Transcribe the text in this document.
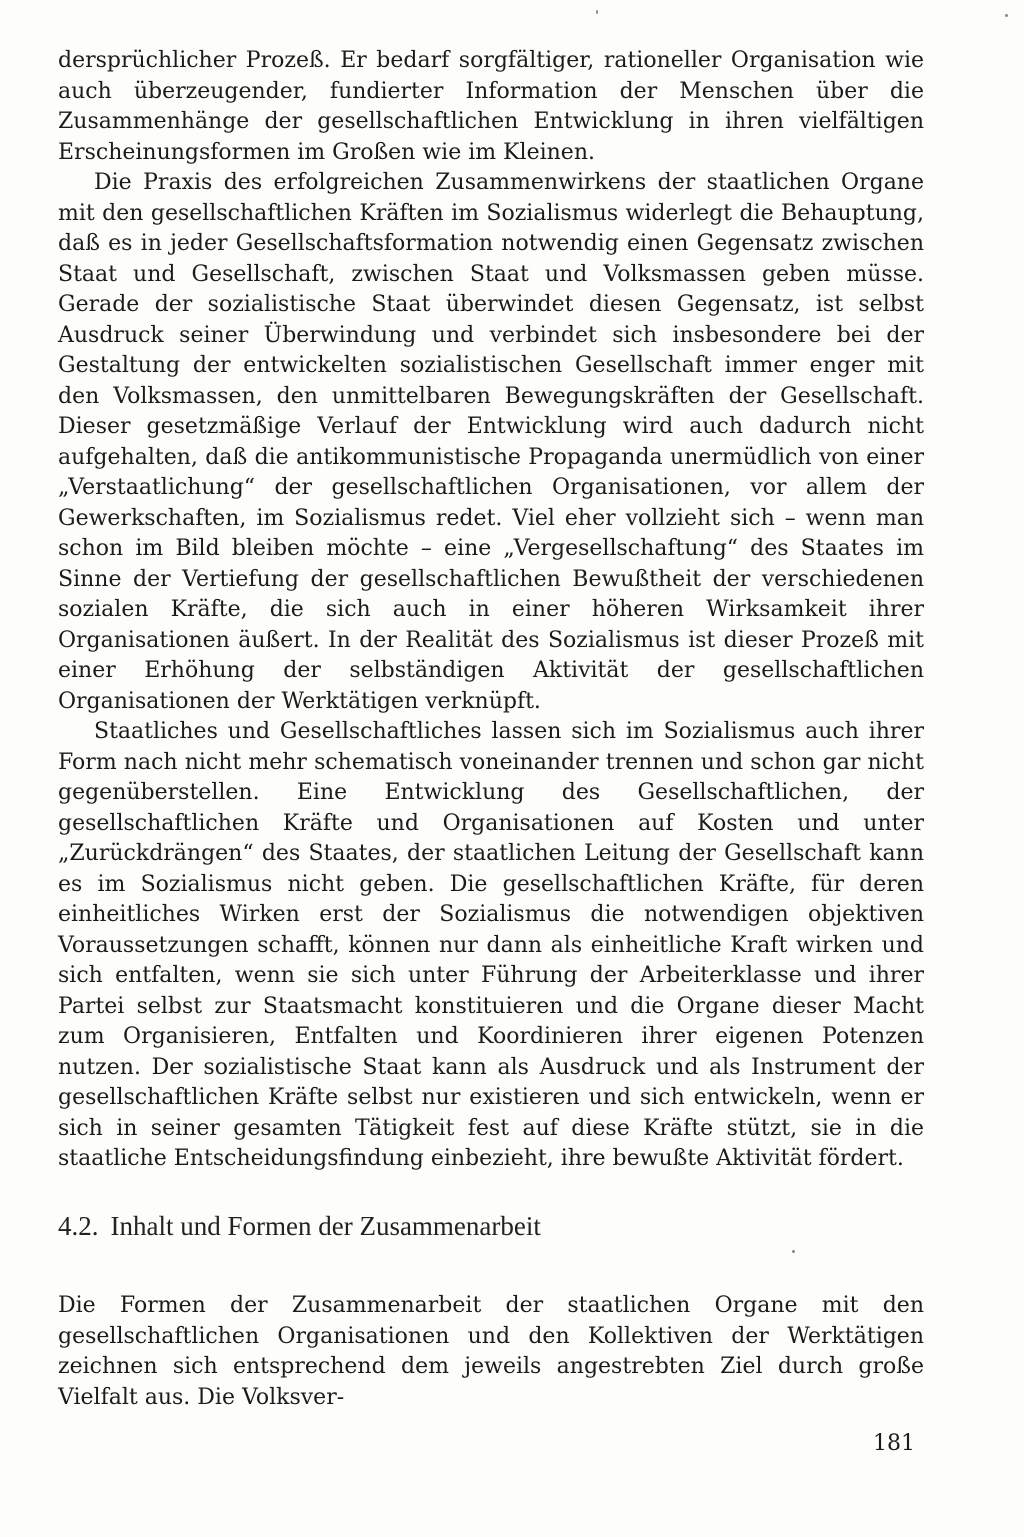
dersprüchlicher Prozeß. Er bedarf sorgfältiger, rationeller Organisation wie auch überzeugender, fundierter Information der Menschen über die Zusammenhänge der gesellschaftlichen Entwicklung in ihren vielfältigen Erscheinungsformen im Großen wie im Kleinen.

Die Praxis des erfolgreichen Zusammenwirkens der staatlichen Organe mit den gesellschaftlichen Kräften im Sozialismus widerlegt die Behauptung, daß es in jeder Gesellschaftsformation notwendig einen Gegensatz zwischen Staat und Gesellschaft, zwischen Staat und Volksmassen geben müsse. Gerade der sozialistische Staat überwindet diesen Gegensatz, ist selbst Ausdruck seiner Überwindung und verbindet sich insbesondere bei der Gestaltung der entwickelten sozialistischen Gesellschaft immer enger mit den Volksmassen, den unmittelbaren Bewegungskräften der Gesellschaft. Dieser gesetzmäßige Verlauf der Entwicklung wird auch dadurch nicht aufgehalten, daß die antikommunistische Propaganda unermüdlich von einer „Verstaatlichung“ der gesellschaftlichen Organisationen, vor allem der Gewerkschaften, im Sozialismus redet. Viel eher vollzieht sich – wenn man schon im Bild bleiben möchte – eine „Vergesellschaftung“ des Staates im Sinne der Vertiefung der gesellschaftlichen Bewußtheit der verschiedenen sozialen Kräfte, die sich auch in einer höheren Wirksamkeit ihrer Organisationen äußert. In der Realität des Sozialismus ist dieser Prozeß mit einer Erhöhung der selbständigen Aktivität der gesellschaftlichen Organisationen der Werktätigen verknüpft.

Staatliches und Gesellschaftliches lassen sich im Sozialismus auch ihrer Form nach nicht mehr schematisch voneinander trennen und schon gar nicht gegenüberstellen. Eine Entwicklung des Gesellschaftlichen, der gesellschaftlichen Kräfte und Organisationen auf Kosten und unter „Zurückdrängen“ des Staates, der staatlichen Leitung der Gesellschaft kann es im Sozialismus nicht geben. Die gesellschaftlichen Kräfte, für deren einheitliches Wirken erst der Sozialismus die notwendigen objektiven Voraussetzungen schafft, können nur dann als einheitliche Kraft wirken und sich entfalten, wenn sie sich unter Führung der Arbeiterklasse und ihrer Partei selbst zur Staatsmacht konstituieren und die Organe dieser Macht zum Organisieren, Entfalten und Koordinieren ihrer eigenen Potenzen nutzen. Der sozialistische Staat kann als Ausdruck und als Instrument der gesellschaftlichen Kräfte selbst nur existieren und sich entwickeln, wenn er sich in seiner gesamten Tätigkeit fest auf diese Kräfte stützt, sie in die staatliche Entscheidungsfindung einbezieht, ihre bewußte Aktivität fördert.

4.2. Inhalt und Formen der Zusammenarbeit

Die Formen der Zusammenarbeit der staatlichen Organe mit den gesellschaftlichen Organisationen und den Kollektiven der Werktätigen zeichnen sich entsprechend dem jeweils angestrebten Ziel durch große Vielfalt aus. Die Volksver-

181
